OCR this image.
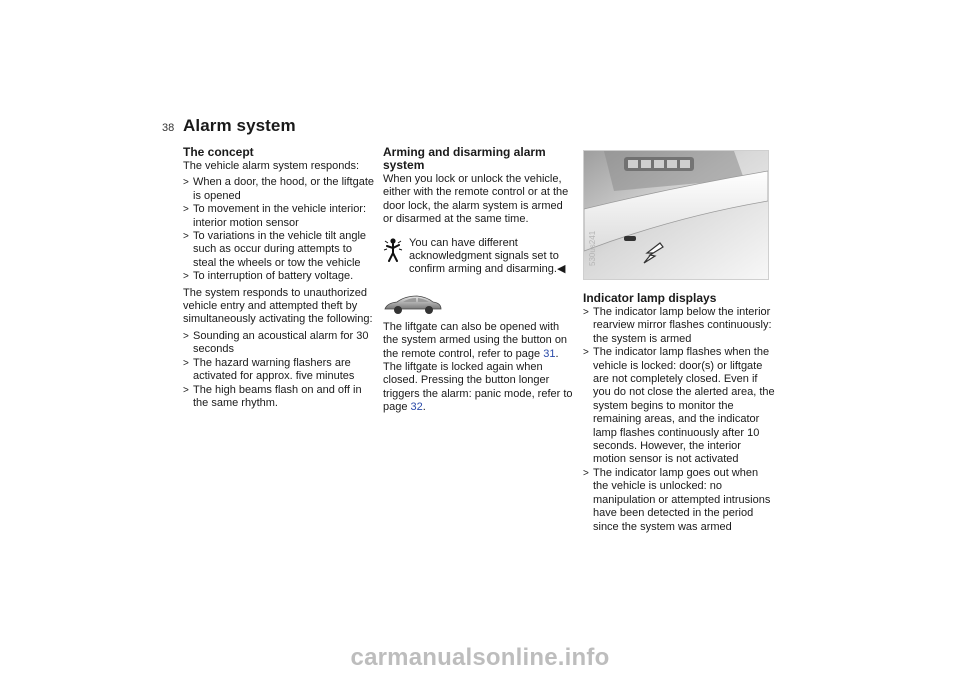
38 Alarm system
The concept

The vehicle alarm system responds:

> When a door, the hood, or the liftgate is opened
> To movement in the vehicle interior: interior motion sensor
> To variations in the vehicle tilt angle such as occur during attempts to steal the wheels or tow the vehicle
> To interruption of battery voltage.

The system responds to unauthorized vehicle entry and attempted theft by simultaneously activating the following:

> Sounding an acoustical alarm for 30 seconds
> The hazard warning flashers are activated for approx. five minutes
> The high beams flash on and off in the same rhythm.
Arming and disarming alarm system

When you lock or unlock the vehicle, either with the remote control or at the door lock, the alarm system is armed or disarmed at the same time.

You can have different acknowledgment signals set to confirm arming and disarming.◀

The liftgate can also be opened with the system armed using the button on the remote control, refer to page 31. The liftgate is locked again when closed. Pressing the button longer triggers the alarm: panic mode, refer to page 32.

530us241
Indicator lamp displays
> The indicator lamp below the interior rearview mirror flashes continuously: the system is armed
> The indicator lamp flashes when the vehicle is locked: door(s) or liftgate are not completely closed. Even if you do not close the alerted area, the system begins to monitor the remaining areas, and the indicator lamp flashes continuously after 10 seconds. However, the interior motion sensor is not activated
> The indicator lamp goes out when the vehicle is unlocked: no manipulation or attempted intrusions have been detected in the period since the system was armed
carmanualsonline.info
